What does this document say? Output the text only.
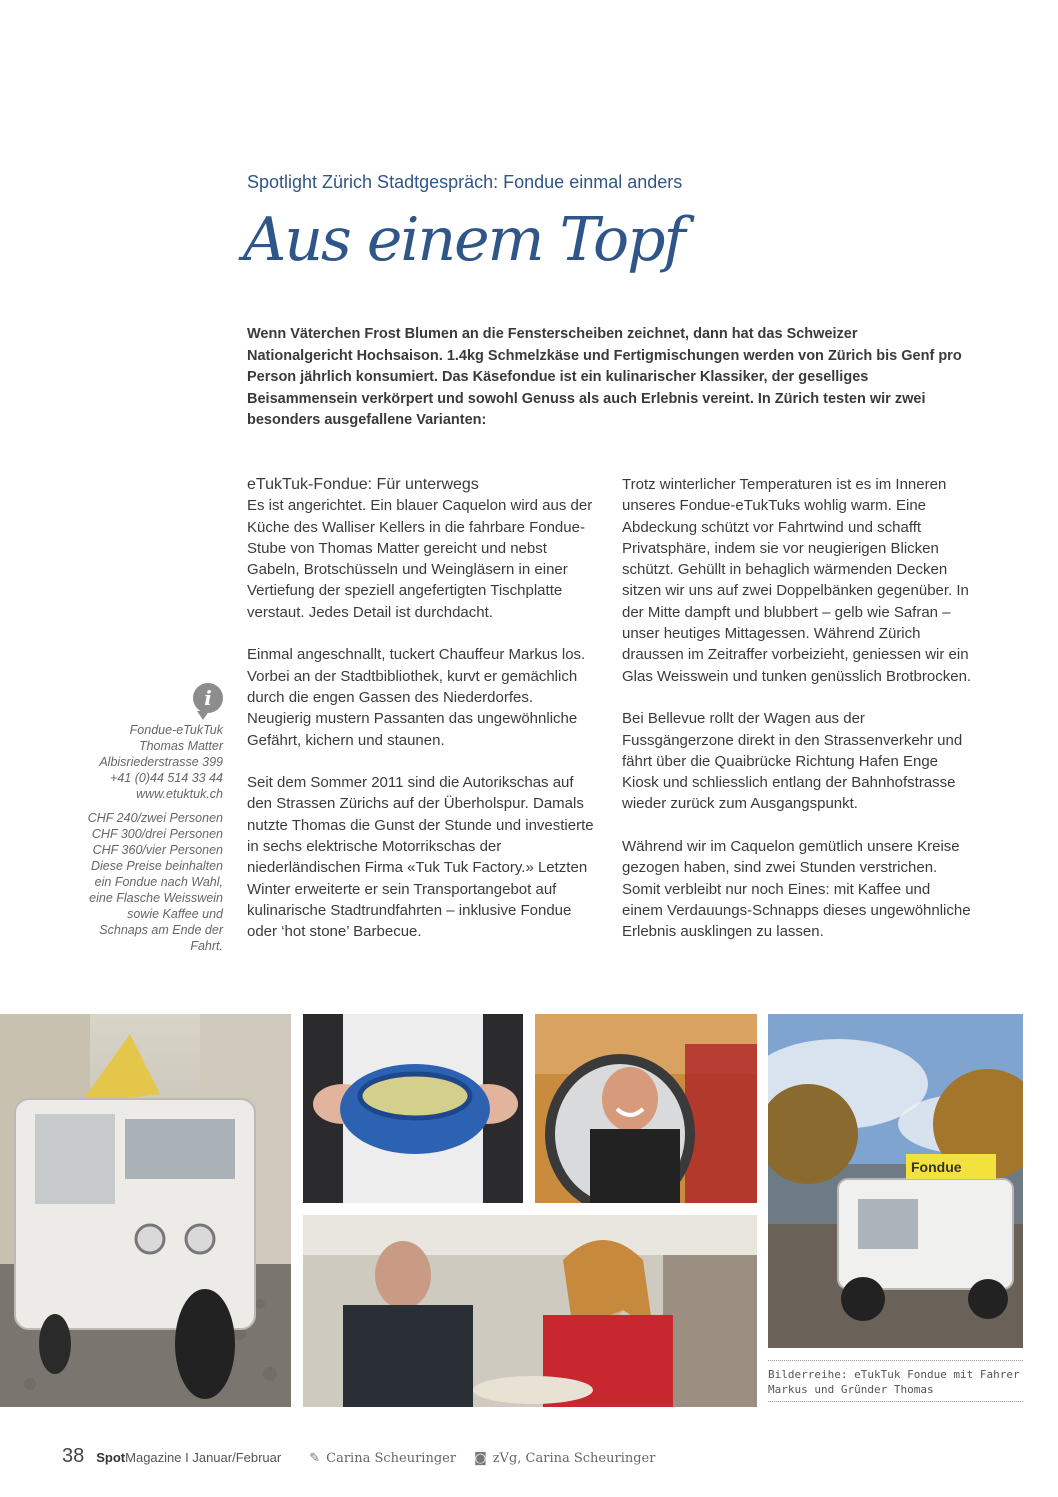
Spotlight Zürich Stadtgespräch: Fondue einmal anders
Aus einem Topf
Wenn Väterchen Frost Blumen an die Fensterscheiben zeichnet, dann hat das Schweizer Nationalgericht Hochsaison. 1.4kg Schmelzkäse und Fertigmischungen werden von Zürich bis Genf pro Person jährlich konsumiert. Das Käsefondue ist ein kulinarischer Klassiker, der geselliges Beisammensein verkörpert und sowohl Genuss als auch Erlebnis vereint. In Zürich testen wir zwei besonders ausgefallene Varianten:
eTukTuk-Fondue: Für unterwegs

Es ist angerichtet. Ein blauer Caquelon wird aus der Küche des Walliser Kellers in die fahrbare Fondue-Stube von Thomas Matter gereicht und nebst Gabeln, Brotschüsseln und Weingläsern in einer Vertiefung der speziell angefertigten Tischplatte verstaut. Jedes Detail ist durchdacht.

Einmal angeschnallt, tuckert Chauffeur Markus los. Vorbei an der Stadtbibliothek, kurvt er gemächlich durch die engen Gassen des Niederdorfes. Neugierig mustern Passanten das ungewöhnliche Gefährt, kichern und staunen.

Seit dem Sommer 2011 sind die Autorikschas auf den Strassen Zürichs auf der Überholspur. Damals nutzte Thomas die Gunst der Stunde und investierte in sechs elektrische Motorrikschas der niederländischen Firma «Tuk Tuk Factory.» Letzten Winter erweiterte er sein Transportangebot auf kulinarische Stadtrundfahrten – inklusive Fondue oder ‘hot stone’ Barbecue.

Trotz winterlicher Temperaturen ist es im Inneren unseres Fondue-eTukTuks wohlig warm. Eine Abdeckung schützt vor Fahrtwind und schafft Privatsphäre, indem sie vor neugierigen Blicken schützt. Gehüllt in behaglich wärmenden Decken sitzen wir uns auf zwei Doppelbänken gegenüber. In der Mitte dampft und blubbert – gelb wie Safran – unser heutiges Mittagessen. Während Zürich draussen im Zeitraffer vorbeizieht, geniessen wir ein Glas Weisswein und tunken genüsslich Brotbrocken.

Bei Bellevue rollt der Wagen aus der Fussgängerzone direkt in den Strassenverkehr und fährt über die Quaibrücke Richtung Hafen Enge Kiosk und schliesslich entlang der Bahnhofstrasse wieder zurück zum Ausgangspunkt.

Während wir im Caquelon gemütlich unsere Kreise gezogen haben, sind zwei Stunden verstrichen. Somit verbleibt nur noch Eines: mit Kaffee und einem Verdauungs-Schnapps dieses ungewöhnliche Erlebnis ausklingen zu lassen.

i
Fondue-eTukTuk
Thomas Matter
Albisriederstrasse 399
+41 (0)44 514 33 44
www.etuktuk.ch
CHF 240/zwei Personen
CHF 300/drei Personen
CHF 360/vier Personen
Diese Preise beinhalten
ein Fondue nach Wahl,
eine Flasche Weisswein
sowie Kaffee und
Schnaps am Ende der
Fahrt.
Fondue
Bilderreihe: eTukTuk Fondue mit Fahrer Markus und Gründer Thomas
38 SpotMagazine I Januar/Februar ✎ Carina Scheuringer ◙ zVg, Carina Scheuringer
